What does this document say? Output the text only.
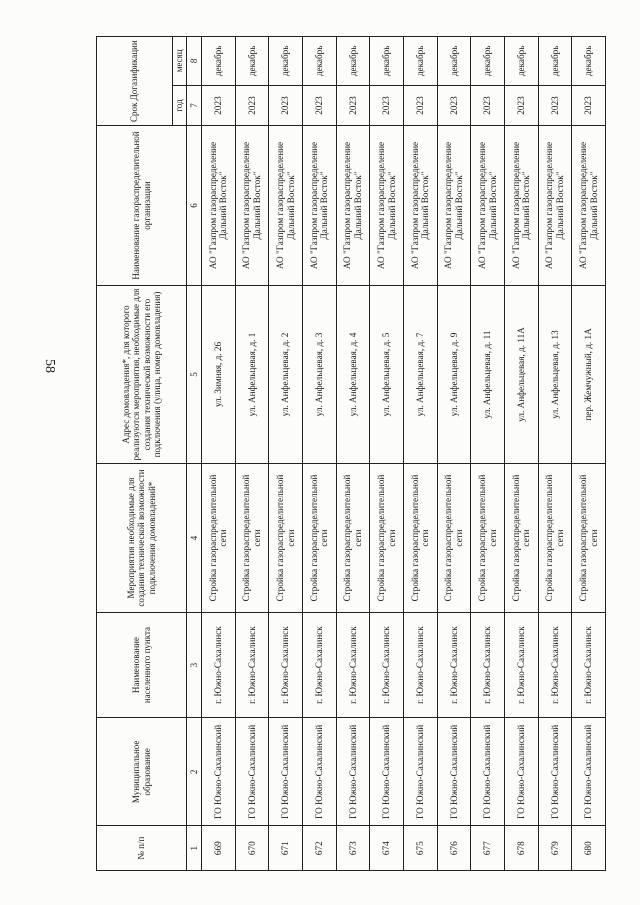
58
№ п/п	Муниципальное образование	Наименование населенного пункта	Мероприятия необходимые для создания технической возможности подключения домовладений*	Адрес домовладения*, для которого реализуются мероприятия, необходимые для создания технической возможности его подключения (улица, номер домовладения)	Наименование газораспределительной организации	Срок Догазификации	
						год	месяц
1	2	3	4	5	6	7	8
669	ГО Южно-Сахалинский	г. Южно-Сахалинск	Стройка газораспределительной сети	ул. Зимняя, д. 26	АО "Газпром газораспределение Дальний Восток"	2023	декабрь
670	ГО Южно-Сахалинский	г. Южно-Сахалинск	Стройка газораспределительной сети	ул. Анфельцевая, д. 1	АО "Газпром газораспределение Дальний Восток"	2023	декабрь
671	ГО Южно-Сахалинский	г. Южно-Сахалинск	Стройка газораспределительной сети	ул. Анфельцевая, д. 2	АО "Газпром газораспределение Дальний Восток"	2023	декабрь
672	ГО Южно-Сахалинский	г. Южно-Сахалинск	Стройка газораспределительной сети	ул. Анфельцевая, д. 3	АО "Газпром газораспределение Дальний Восток"	2023	декабрь
673	ГО Южно-Сахалинский	г. Южно-Сахалинск	Стройка газораспределительной сети	ул. Анфельцевая, д. 4	АО "Газпром газораспределение Дальний Восток"	2023	декабрь
674	ГО Южно-Сахалинский	г. Южно-Сахалинск	Стройка газораспределительной сети	ул. Анфельцевая, д. 5	АО "Газпром газораспределение Дальний Восток"	2023	декабрь
675	ГО Южно-Сахалинский	г. Южно-Сахалинск	Стройка газораспределительной сети	ул. Анфельцевая, д. 7	АО "Газпром газораспределение Дальний Восток"	2023	декабрь
676	ГО Южно-Сахалинский	г. Южно-Сахалинск	Стройка газораспределительной сети	ул. Анфельцевая, д. 9	АО "Газпром газораспределение Дальний Восток"	2023	декабрь
677	ГО Южно-Сахалинский	г. Южно-Сахалинск	Стройка газораспределительной сети	ул. Анфельцевая, д. 11	АО "Газпром газораспределение Дальний Восток"	2023	декабрь
678	ГО Южно-Сахалинский	г. Южно-Сахалинск	Стройка газораспределительной сети	ул. Анфельцевая, д. 11А	АО "Газпром газораспределение Дальний Восток"	2023	декабрь
679	ГО Южно-Сахалинский	г. Южно-Сахалинск	Стройка газораспределительной сети	ул. Анфельцевая, д. 13	АО "Газпром газораспределение Дальний Восток"	2023	декабрь
680	ГО Южно-Сахалинский	г. Южно-Сахалинск	Стройка газораспределительной сети	пер. Жемчужный, д. 1А	АО "Газпром газораспределение Дальний Восток"	2023	декабрь
